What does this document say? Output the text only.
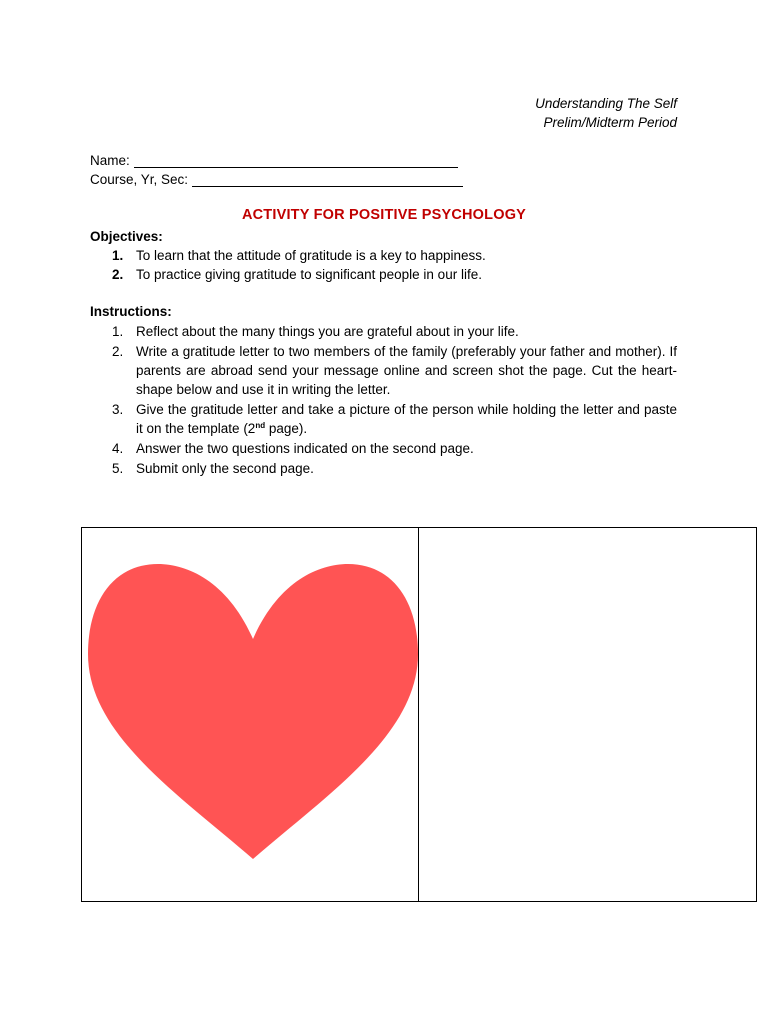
Understanding The Self
Prelim/Midterm Period
Name:
Course, Yr, Sec:
ACTIVITY FOR POSITIVE PSYCHOLOGY
Objectives:
1. To learn that the attitude of gratitude is a key to happiness.
2. To practice giving gratitude to significant people in our life.
Instructions:
1. Reflect about the many things you are grateful about in your life.
2. Write a gratitude letter to two members of the family (preferably your father and mother). If parents are abroad send your message online and screen shot the page. Cut the heart-shape below and use it in writing the letter.
3. Give the gratitude letter and take a picture of the person while holding the letter and paste it on the template (2nd page).
4. Answer the two questions indicated on the second page.
5. Submit only the second page.
